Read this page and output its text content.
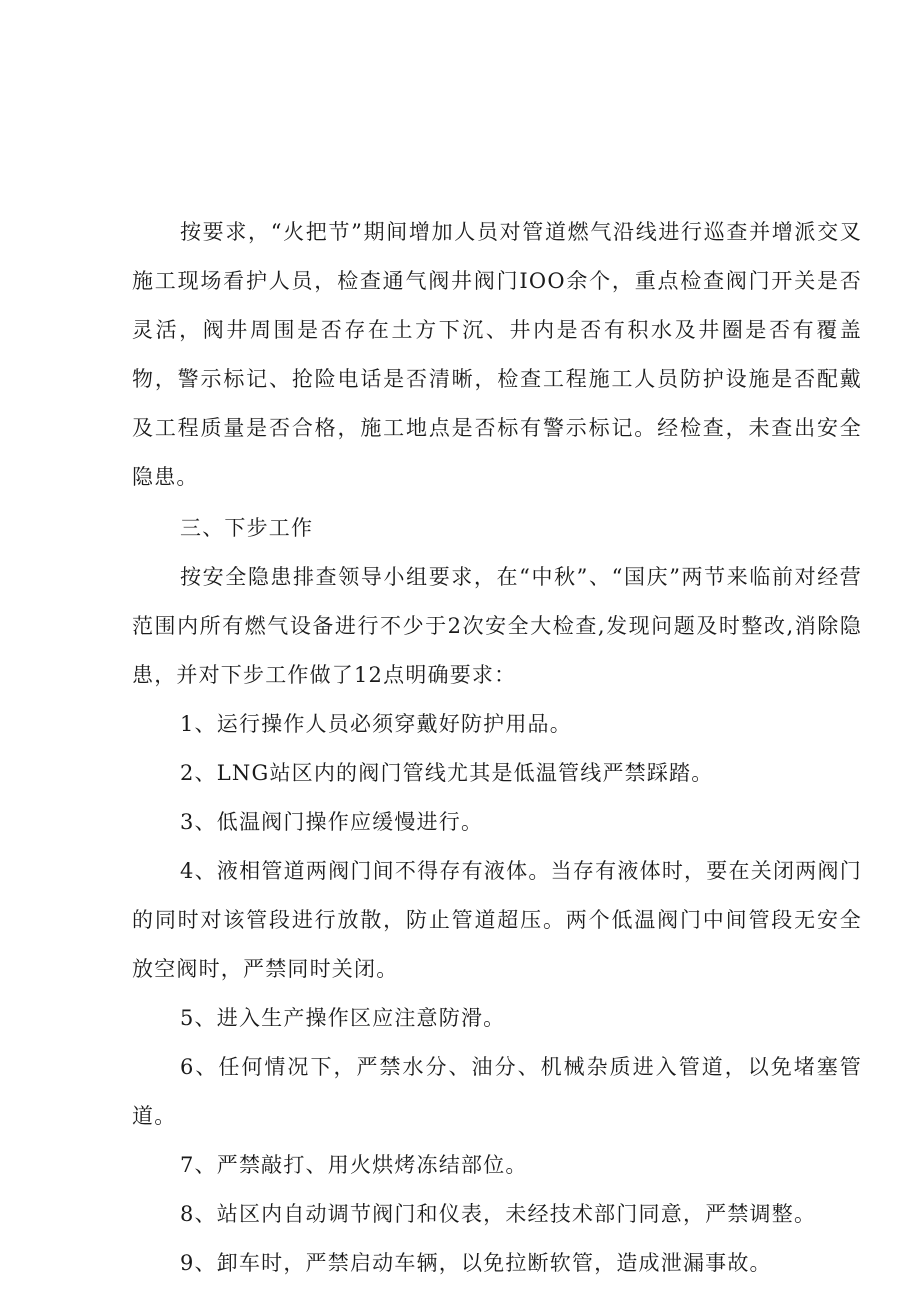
按要求，“火把节”期间增加人员对管道燃气沿线进行巡查并增派交叉施工现场看护人员，检查通气阀井阀门IOO余个，重点检查阀门开关是否灵活，阀井周围是否存在土方下沉、井内是否有积水及井圈是否有覆盖物，警示标记、抢险电话是否清晰，检查工程施工人员防护设施是否配戴及工程质量是否合格，施工地点是否标有警示标记。经检查，未查出安全隐患。

三、下步工作

按安全隐患排查领导小组要求，在“中秋”、“国庆”两节来临前对经营范围内所有燃气设备进行不少于2次安全大检查,发现问题及时整改,消除隐患，并对下步工作做了12点明确要求：

1、运行操作人员必须穿戴好防护用品。

2、LNG站区内的阀门管线尤其是低温管线严禁踩踏。

3、低温阀门操作应缓慢进行。

4、液相管道两阀门间不得存有液体。当存有液体时，要在关闭两阀门的同时对该管段进行放散，防止管道超压。两个低温阀门中间管段无安全放空阀时，严禁同时关闭。

5、进入生产操作区应注意防滑。

6、任何情况下，严禁水分、油分、机械杂质进入管道，以免堵塞管道。

7、严禁敲打、用火烘烤冻结部位。

8、站区内自动调节阀门和仪表，未经技术部门同意，严禁调整。

9、卸车时，严禁启动车辆，以免拉断软管，造成泄漏事故。
